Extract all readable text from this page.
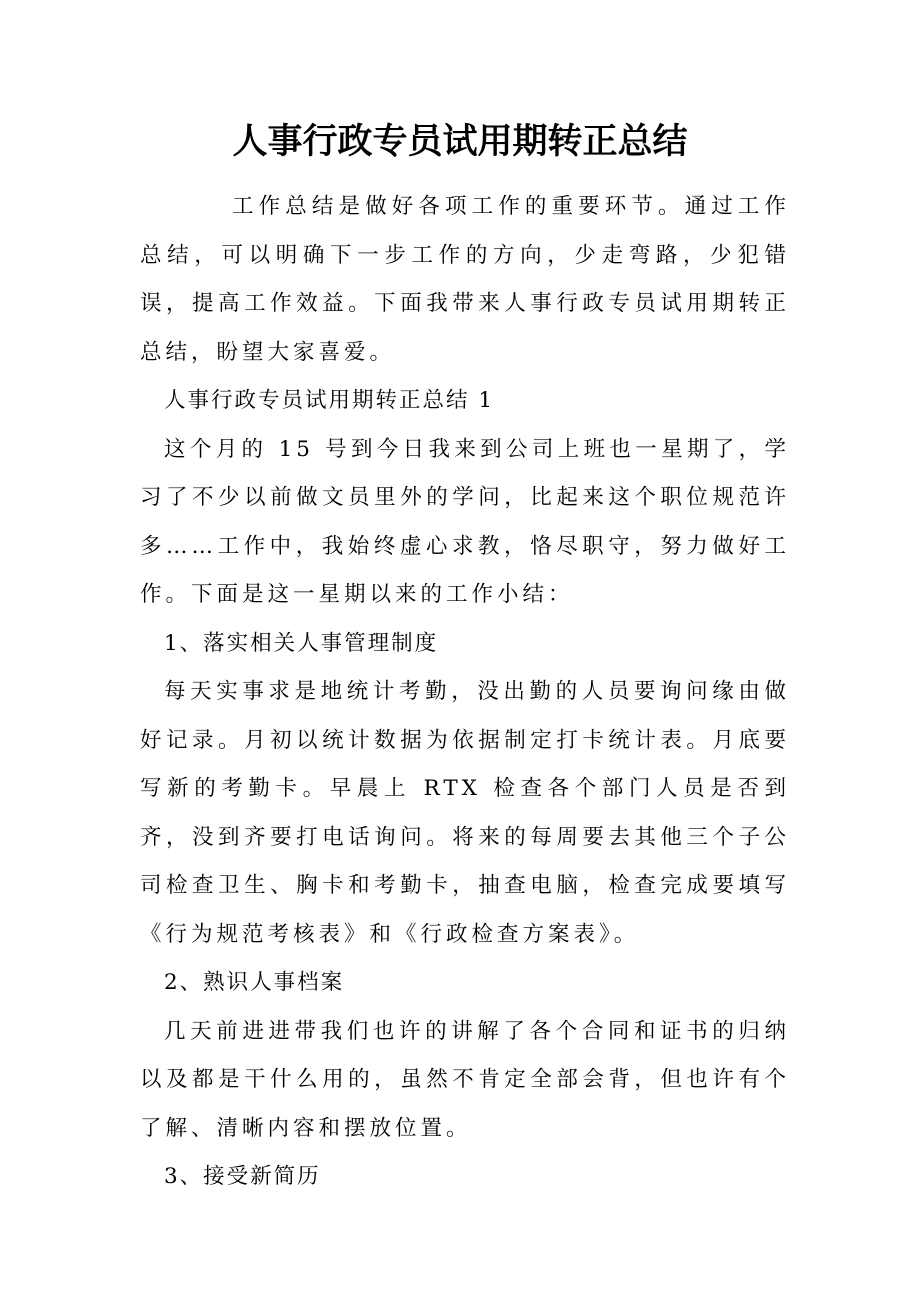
人事行政专员试用期转正总结

工作总结是做好各项工作的重要环节。通过工作总结，可以明确下一步工作的方向，少走弯路，少犯错误，提高工作效益。下面我带来人事行政专员试用期转正总结，盼望大家喜爱。

人事行政专员试用期转正总结 1

这个月的 15 号到今日我来到公司上班也一星期了，学习了不少以前做文员里外的学问，比起来这个职位规范许多……工作中，我始终虚心求教，恪尽职守，努力做好工作。下面是这一星期以来的工作小结：

1、落实相关人事管理制度

每天实事求是地统计考勤，没出勤的人员要询问缘由做好记录。月初以统计数据为依据制定打卡统计表。月底要写新的考勤卡。早晨上 RTX 检查各个部门人员是否到齐，没到齐要打电话询问。将来的每周要去其他三个子公司检查卫生、胸卡和考勤卡，抽查电脑，检查完成要填写《行为规范考核表》和《行政检查方案表》。

2、熟识人事档案

几天前进进带我们也许的讲解了各个合同和证书的归纳以及都是干什么用的，虽然不肯定全部会背，但也许有个了解、清晰内容和摆放位置。

3、接受新简历
